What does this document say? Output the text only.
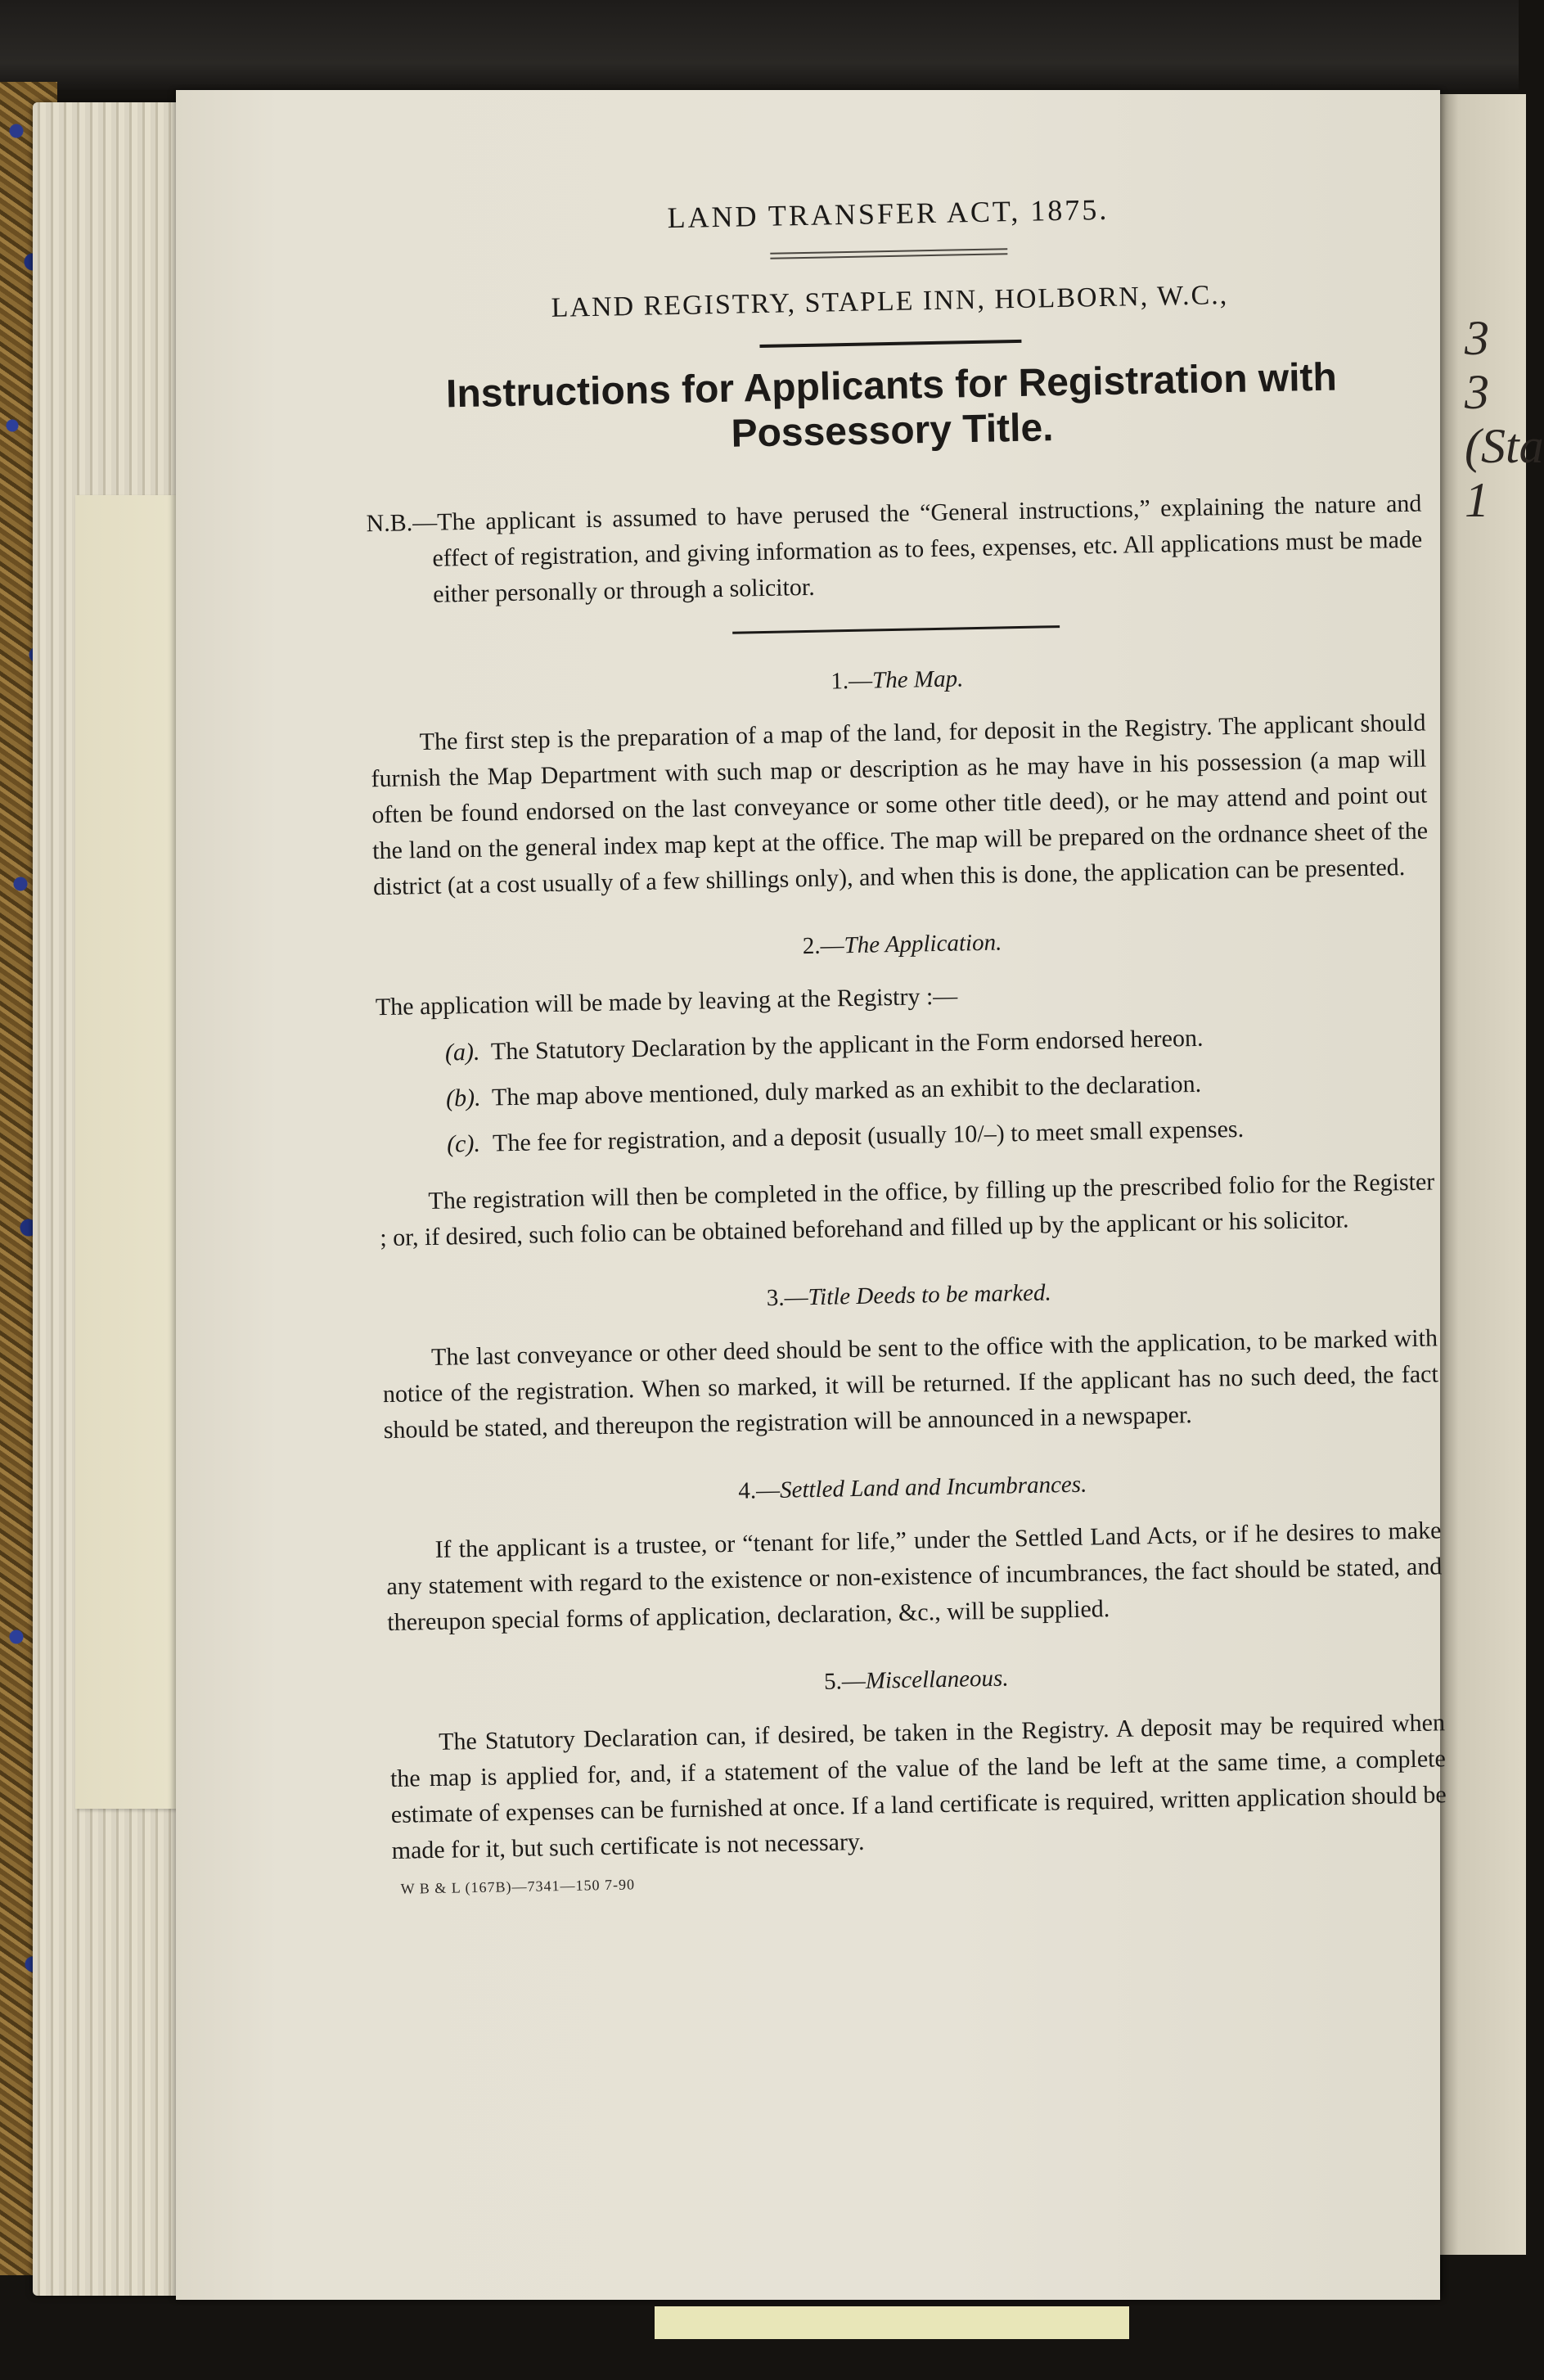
3
3
(Sta
1
LAND TRANSFER ACT, 1875.

LAND REGISTRY, STAPLE INN, HOLBORN, W.C.,

Instructions for Applicants for Registration with Possessory Title.

N.B.—The applicant is assumed to have perused the “General instructions,” explaining the nature and effect of registration, and giving information as to fees, expenses, etc. All applications must be made either personally or through a solicitor.

1.—The Map.

The first step is the preparation of a map of the land, for deposit in the Registry. The applicant should furnish the Map Department with such map or description as he may have in his possession (a map will often be found endorsed on the last conveyance or some other title deed), or he may attend and point out the land on the general index map kept at the office. The map will be prepared on the ordnance sheet of the district (at a cost usually of a few shillings only), and when this is done, the application can be presented.

2.—The Application.

The application will be made by leaving at the Registry :—

(a). The Statutory Declaration by the applicant in the Form endorsed hereon.
(b). The map above mentioned, duly marked as an exhibit to the declaration.
(c). The fee for registration, and a deposit (usually 10/–) to meet small expenses.

The registration will then be completed in the office, by filling up the prescribed folio for the Register ; or, if desired, such folio can be obtained beforehand and filled up by the applicant or his solicitor.

3.—Title Deeds to be marked.

The last conveyance or other deed should be sent to the office with the application, to be marked with notice of the registration. When so marked, it will be returned. If the applicant has no such deed, the fact should be stated, and thereupon the registration will be announced in a newspaper.

4.—Settled Land and Incumbrances.

If the applicant is a trustee, or “tenant for life,” under the Settled Land Acts, or if he desires to make any statement with regard to the existence or non-existence of incumbrances, the fact should be stated, and thereupon special forms of application, declaration, &c., will be supplied.

5.—Miscellaneous.

The Statutory Declaration can, if desired, be taken in the Registry. A deposit may be required when the map is applied for, and, if a statement of the value of the land be left at the same time, a complete estimate of expenses can be furnished at once. If a land certificate is required, written application should be made for it, but such certificate is not necessary.

W B & L (167B)—7341—150 7-90
